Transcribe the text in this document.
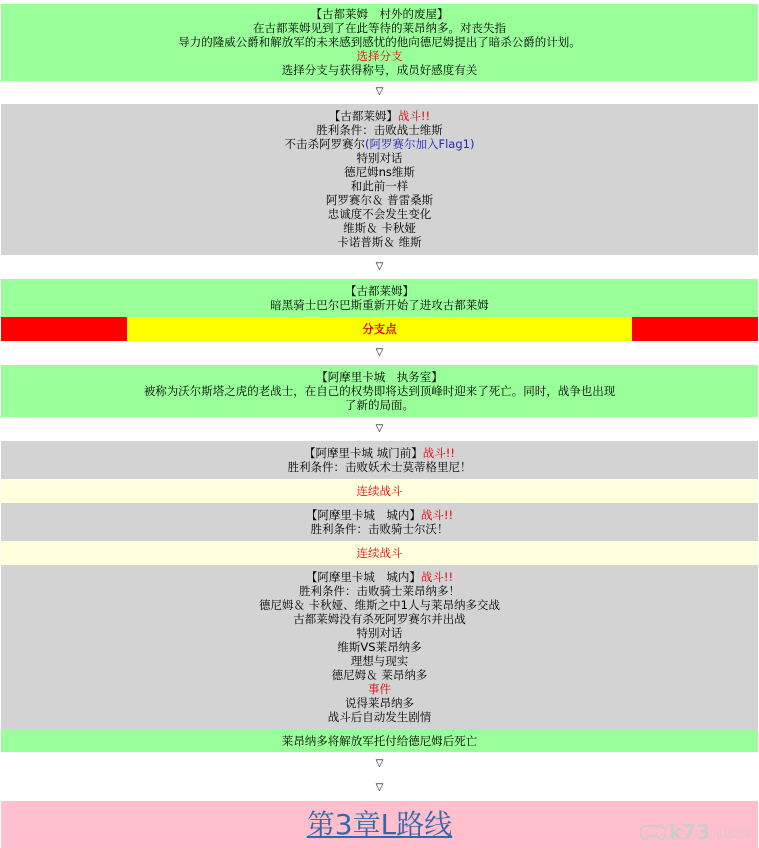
【古都莱姆　村外的废屋】
在古都莱姆见到了在此等待的莱昂纳多。对丧失指
导力的隆威公爵和解放军的未来感到感忧的他向德尼姆提出了暗杀公爵的计划。
选择分支
选择分支与获得称号，成员好感度有关
▽
【古都莱姆】战斗!!
胜利条件：击败战士维斯
不击杀阿罗赛尔(阿罗赛尔加入Flag1)
特别对话
德尼姆ns维斯
和此前一样
阿罗赛尔＆ 普雷桑斯
忠诚度不会发生变化
维斯＆ 卡秋娅
卡诺普斯＆ 维斯
▽
【古都莱姆】
暗黑骑士巴尔巴斯重新开始了进攻古都莱姆
分支点
▽
【阿摩里卡城　执务室】
被称为沃尔斯塔之虎的老战士，在自己的权势即将达到顶峰时迎来了死亡。同时，战争也出现
了新的局面。
▽
【阿摩里卡城 城门前】战斗!!
胜利条件：击败妖术士莫蒂格里尼！
连续战斗
【阿摩里卡城　城内】战斗!!
胜利条件：击败骑士尔沃！
连续战斗
【阿摩里卡城　城内】战斗!!
胜利条件：击败骑士莱昂纳多！
德尼姆＆ 卡秋娅、维斯之中1人与莱昂纳多交战
古都莱姆没有杀死阿罗赛尔并出战
特别对话
维斯VS莱昂纳多
理想与现实
德尼姆＆ 莱昂纳多
事件
说得莱昂纳多
战斗后自动发生剧情
莱昂纳多将解放军托付给德尼姆后死亡
▽
▽
第3章L路线	k73 电玩之家
